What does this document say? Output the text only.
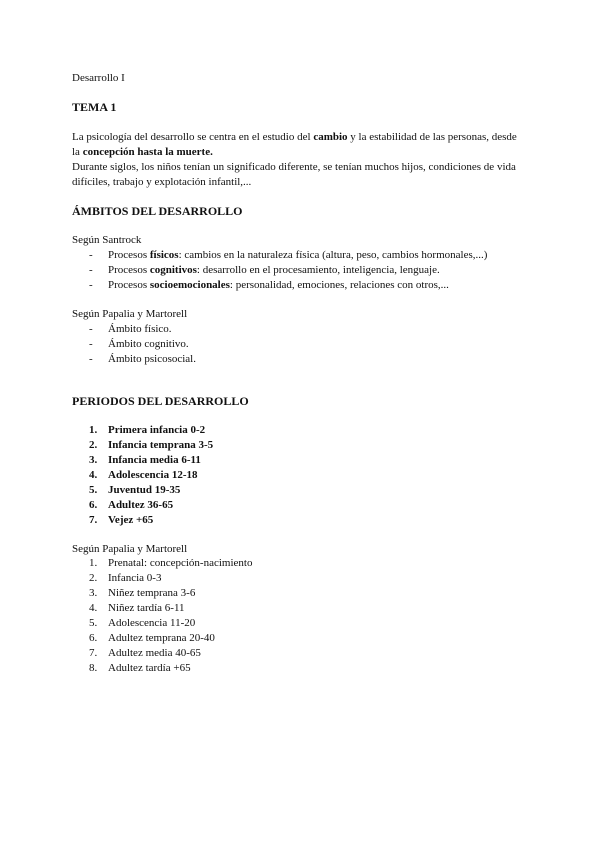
Desarrollo I
TEMA 1
La psicología del desarrollo se centra en el estudio del cambio y la estabilidad de las personas, desde
la concepción hasta la muerte.
Durante siglos, los niños tenían un significado diferente, se tenían muchos hijos, condiciones de vida
difíciles, trabajo y explotación infantil,...
ÁMBITOS DEL DESARROLLO
Según Santrock
-	Procesos físicos: cambios en la naturaleza física (altura, peso, cambios hormonales,...)
-	Procesos cognitivos: desarrollo en el procesamiento, inteligencia, lenguaje.
-	Procesos socioemocionales: personalidad, emociones, relaciones con otros,...
Según Papalia y Martorell
-	Ámbito físico.
-	Ámbito cognitivo.
-	Ámbito psicosocial.
PERIODOS DEL DESARROLLO
1. Primera infancia 0-2
2. Infancia temprana 3-5
3. Infancia media 6-11
4. Adolescencia 12-18
5. Juventud 19-35
6. Adultez 36-65
7. Vejez +65
Según Papalia y Martorell
1. Prenatal: concepción-nacimiento
2. Infancia 0-3
3. Niñez temprana 3-6
4. Niñez tardía 6-11
5. Adolescencia 11-20
6. Adultez temprana 20-40
7. Adultez media 40-65
8. Adultez tardía +65
